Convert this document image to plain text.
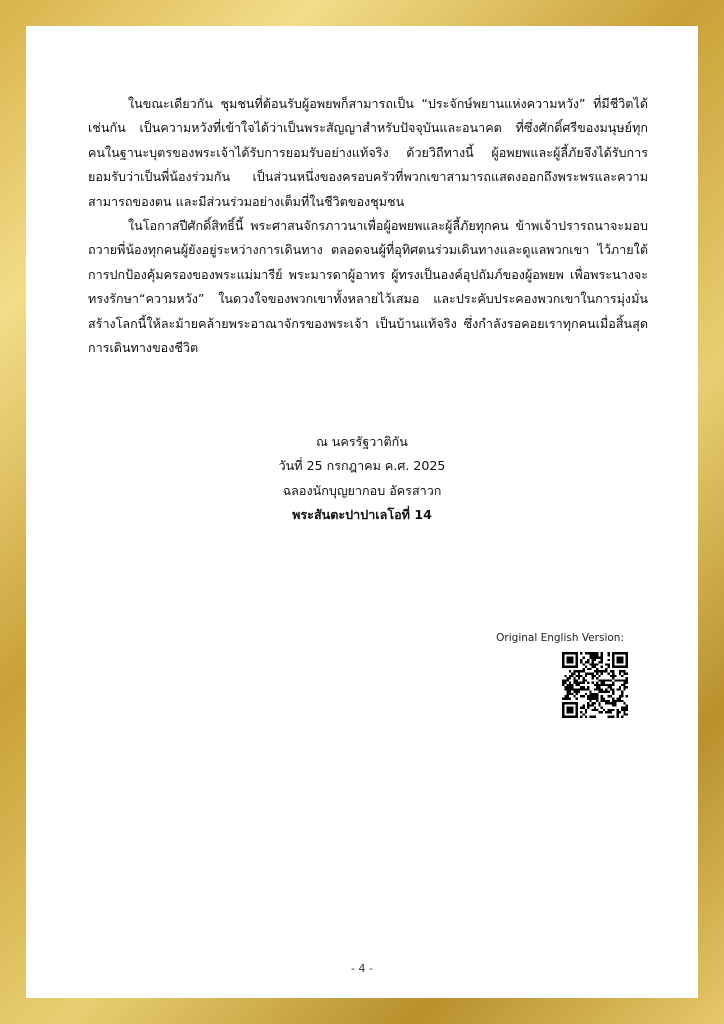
ในขณะเดียวกัน ชุมชนที่ต้อนรับผู้อพยพก็สามารถเป็น “ประจักษ์พยานแห่งความหวัง” ที่มีชีวิตได้เช่นกัน เป็นความหวังที่เข้าใจได้ว่าเป็นพระสัญญาสำหรับปัจจุบันและอนาคต ที่ซึ่งศักดิ์ศรีของมนุษย์ทุกคนในฐานะบุตรของพระเจ้าได้รับการยอมรับอย่างแท้จริง ด้วยวิถีทางนี้ ผู้อพยพและผู้ลี้ภัยจึงได้รับการยอมรับว่าเป็นพี่น้องร่วมกัน เป็นส่วนหนึ่งของครอบครัวที่พวกเขาสามารถแสดงออกถึงพระพรและความสามารถของตน และมีส่วนร่วมอย่างเต็มที่ในชีวิตของชุมชน

ในโอกาสปีศักดิ์สิทธิ์นี้ พระศาสนจักรภาวนาเพื่อผู้อพยพและผู้ลี้ภัยทุกคน ข้าพเจ้าปรารถนาจะมอบถวายพี่น้องทุกคนผู้ยังอยู่ระหว่างการเดินทาง ตลอดจนผู้ที่อุทิศตนร่วมเดินทางและดูแลพวกเขา ไว้ภายใต้การปกป้องคุ้มครองของพระแม่มารีย์ พระมารดาผู้อาทร ผู้ทรงเป็นองค์อุปถัมภ์ของผู้อพยพ เพื่อพระนางจะทรงรักษา“ความหวัง” ในดวงใจของพวกเขาทั้งหลายไว้เสมอ และประคับประคองพวกเขาในการมุ่งมั่นสร้างโลกนี้ให้ละม้ายคล้ายพระอาณาจักรของพระเจ้า เป็นบ้านแท้จริง ซึ่งกำลังรอคอยเราทุกคนเมื่อสิ้นสุดการเดินทางของชีวิต

ณ นครรัฐวาติกัน
วันที่ 25 กรกฎาคม ค.ศ. 2025
ฉลองนักบุญยากอบ อัครสาวก
พระสันตะปาปาเลโอที่ 14
Original English Version:
- 4 -
